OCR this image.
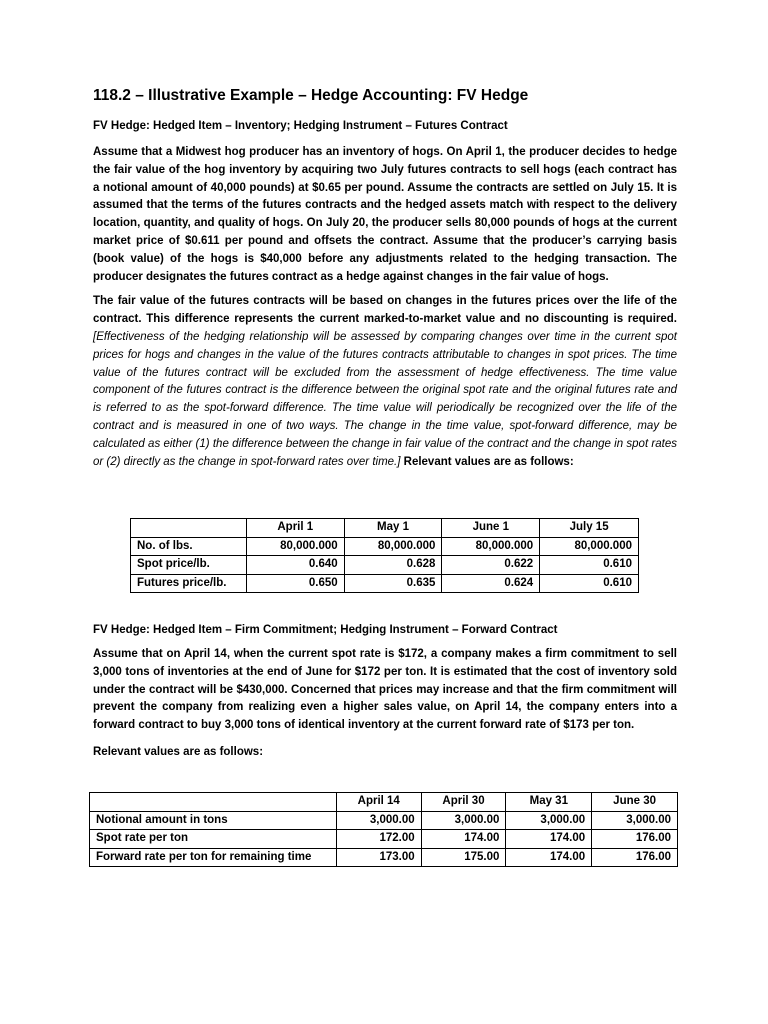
118.2 – Illustrative Example – Hedge Accounting: FV Hedge
FV Hedge: Hedged Item – Inventory; Hedging Instrument – Futures Contract

Assume that a Midwest hog producer has an inventory of hogs. On April 1, the producer decides to hedge the fair value of the hog inventory by acquiring two July futures contracts to sell hogs (each contract has a notional amount of 40,000 pounds) at $0.65 per pound. Assume the contracts are settled on July 15. It is assumed that the terms of the futures contracts and the hedged assets match with respect to the delivery location, quantity, and quality of hogs. On July 20, the producer sells 80,000 pounds of hogs at the current market price of $0.611 per pound and offsets the contract. Assume that the producer’s carrying basis (book value) of the hogs is $40,000 before any adjustments related to the hedging transaction. The producer designates the futures contract as a hedge against changes in the fair value of hogs.

The fair value of the futures contracts will be based on changes in the futures prices over the life of the contract. This difference represents the current marked-to-market value and no discounting is required. [Effectiveness of the hedging relationship will be assessed by comparing changes over time in the current spot prices for hogs and changes in the value of the futures contracts attributable to changes in spot prices. The time value of the futures contract will be excluded from the assessment of hedge effectiveness. The time value component of the futures contract is the difference between the original spot rate and the original futures rate and is referred to as the spot-forward difference. The time value will periodically be recognized over the life of the contract and is measured in one of two ways. The change in the time value, spot-forward difference, may be calculated as either (1) the difference between the change in fair value of the contract and the change in spot rates or (2) directly as the change in spot-forward rates over time.] Relevant values are as follows:

	April 1	May 1	June 1	July 15
No. of lbs.	80,000.000	80,000.000	80,000.000	80,000.000
Spot price/lb.	0.640	0.628	0.622	0.610
Futures price/lb.	0.650	0.635	0.624	0.610
FV Hedge: Hedged Item – Firm Commitment; Hedging Instrument – Forward Contract

Assume that on April 14, when the current spot rate is $172, a company makes a firm commitment to sell 3,000 tons of inventories at the end of June for $172 per ton. It is estimated that the cost of inventory sold under the contract will be $430,000. Concerned that prices may increase and that the firm commitment will prevent the company from realizing even a higher sales value, on April 14, the company enters into a forward contract to buy 3,000 tons of identical inventory at the current forward rate of $173 per ton.

Relevant values are as follows:

	April 14	April 30	May 31	June 30
Notional amount in tons	3,000.00	3,000.00	3,000.00	3,000.00
Spot rate per ton	172.00	174.00	174.00	176.00
Forward rate per ton for remaining time	173.00	175.00	174.00	176.00
